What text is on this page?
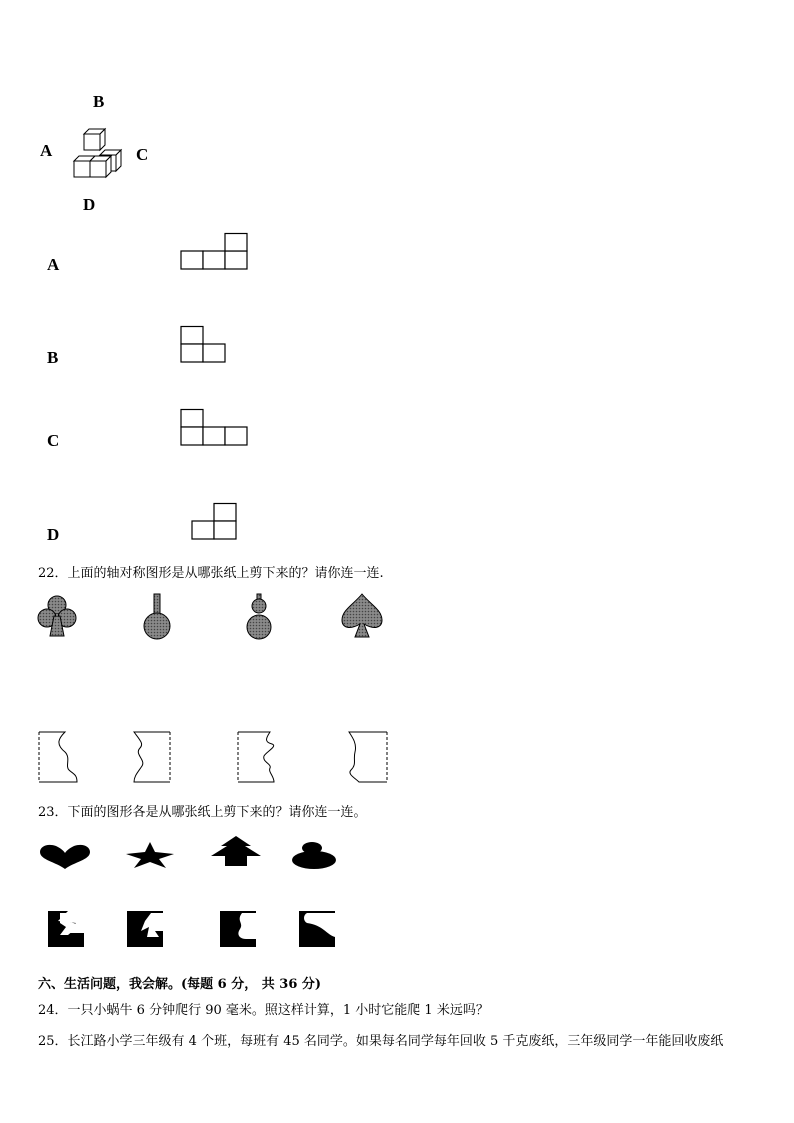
B
A	C
D
A
B
C
D
22．上面的轴对称图形是从哪张纸上剪下来的？请你连一连.
23．下面的图形各是从哪张纸上剪下来的？请你连一连。
六、生活问题，我会解。(每题 6 分， 共 36 分)
24．一只小蜗牛 6 分钟爬行 90 毫米。照这样计算，1 小时它能爬 1 米远吗？
25．长江路小学三年级有 4 个班，每班有 45 名同学。如果每名同学每年回收 5 千克废纸，三年级同学一年能回收废纸
